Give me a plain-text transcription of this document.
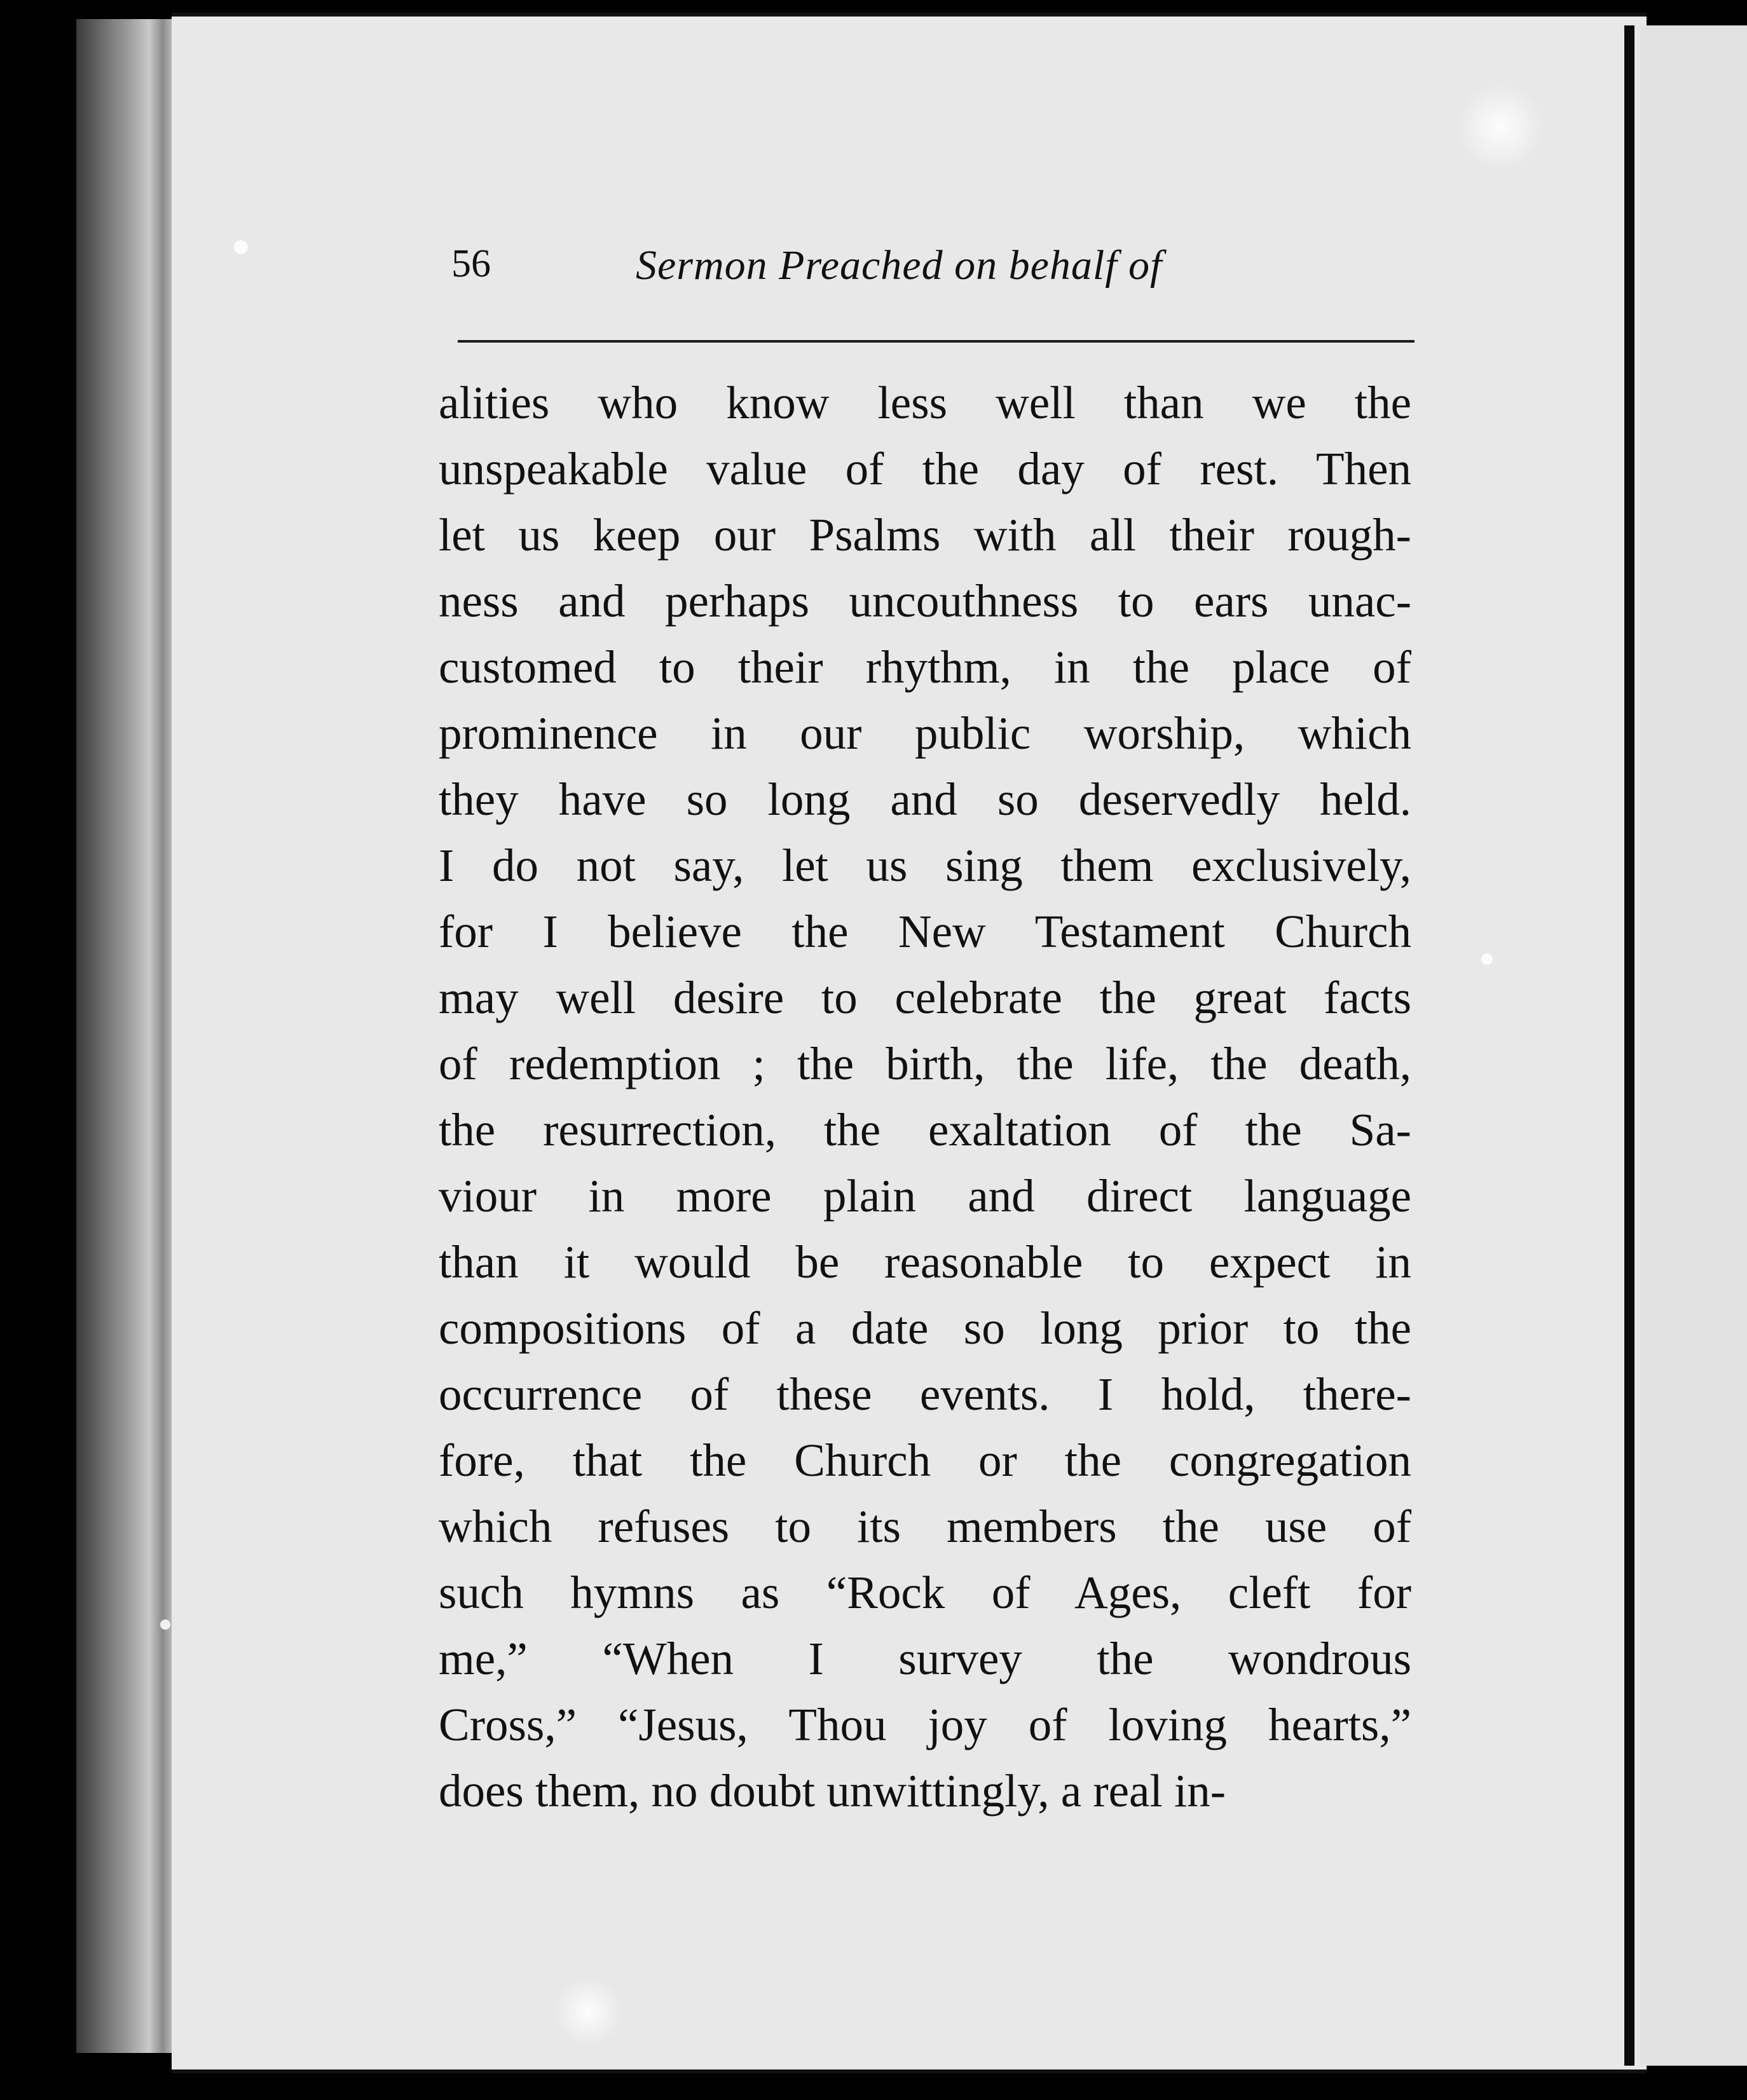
56	Sermon Preached on behalf of
alities who know less well than we the
unspeakable value of the day of rest. Then
let us keep our Psalms with all their rough-
ness and perhaps uncouthness to ears unac-
customed to their rhythm, in the place of
prominence in our public worship, which
they have so long and so deservedly held.
I do not say, let us sing them exclusively,
for I believe the New Testament Church
may well desire to celebrate the great facts
of redemption ; the birth, the life, the death,
the resurrection, the exaltation of the Sa-
viour in more plain and direct language
than it would be reasonable to expect in
compositions of a date so long prior to the
occurrence of these events. I hold, there-
fore, that the Church or the congregation
which refuses to its members the use of
such hymns as “Rock of Ages, cleft for
me,” “When I survey the wondrous
Cross,” “Jesus, Thou joy of loving hearts,”
does them, no doubt unwittingly, a real in-
